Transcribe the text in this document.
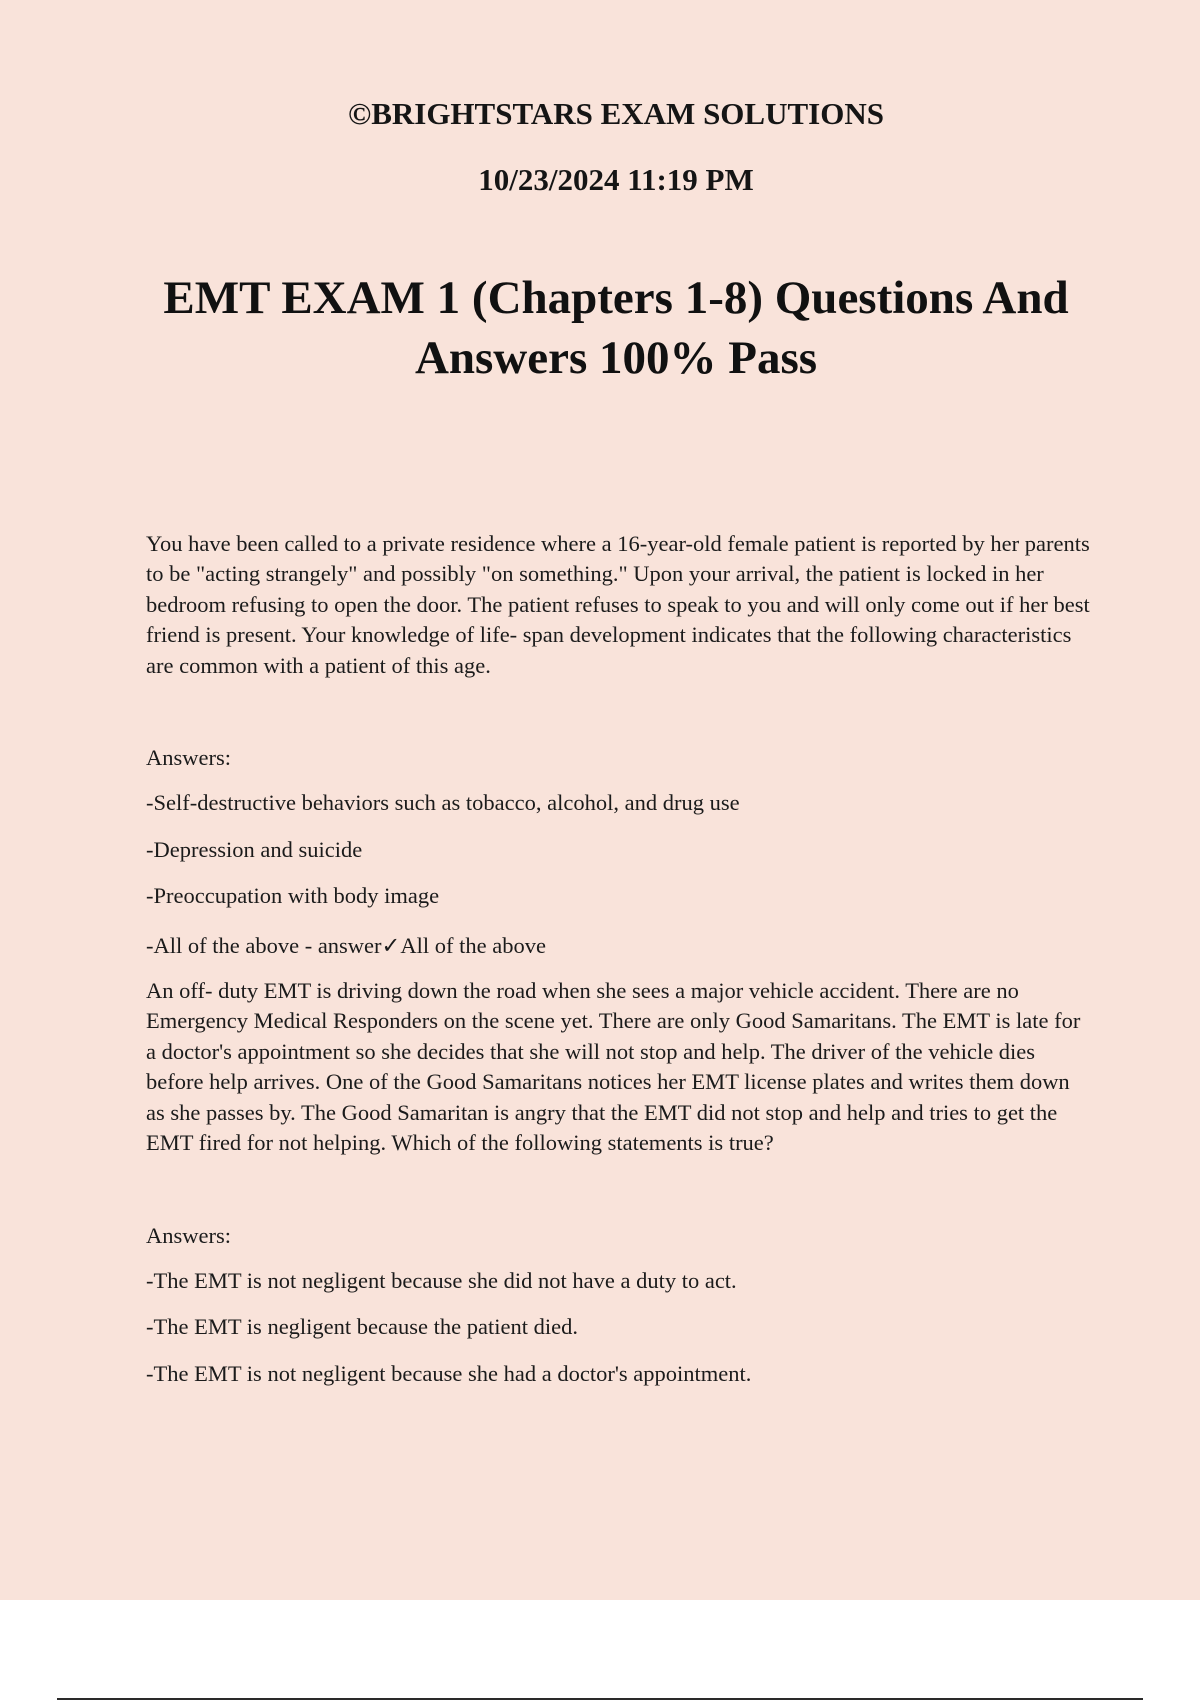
©BRIGHTSTARS EXAM SOLUTIONS
10/23/2024 11:19 PM
EMT EXAM 1 (Chapters 1-8) Questions And Answers 100% Pass

You have been called to a private residence where a 16-year-old female patient is reported by her parents to be "acting strangely" and possibly "on something." Upon your arrival, the patient is locked in her bedroom refusing to open the door. The patient refuses to speak to you and will only come out if her best friend is present. Your knowledge of life- span development indicates that the following characteristics are common with a patient of this age.

Answers:

-Self-destructive behaviors such as tobacco, alcohol, and drug use

-Depression and suicide

-Preoccupation with body image

-All of the above - answer✓All of the above

An off- duty EMT is driving down the road when she sees a major vehicle accident. There are no Emergency Medical Responders on the scene yet. There are only Good Samaritans. The EMT is late for a doctor's appointment so she decides that she will not stop and help. The driver of the vehicle dies before help arrives. One of the Good Samaritans notices her EMT license plates and writes them down as she passes by. The Good Samaritan is angry that the EMT did not stop and help and tries to get the EMT fired for not helping. Which of the following statements is true?

Answers:

-The EMT is not negligent because she did not have a duty to act.

-The EMT is negligent because the patient died.

-The EMT is not negligent because she had a doctor's appointment.
